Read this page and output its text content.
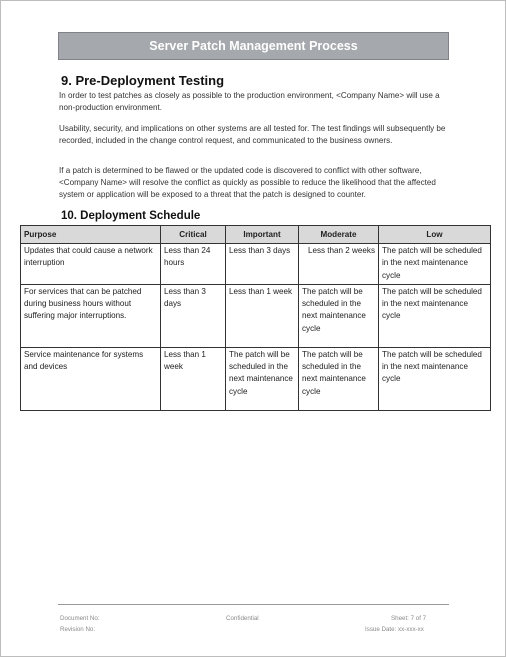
Server Patch Management Process
9. Pre-Deployment Testing

In order to test patches as closely as possible to the production environment, <Company Name> will use a non-production environment.

Usability, security, and implications on other systems are all tested for. The test findings will subsequently be recorded, included in the change control request, and communicated to the business owners.

If a patch is determined to be flawed or the updated code is discovered to conflict with other software, <Company Name> will resolve the conflict as quickly as possible to reduce the likelihood that the affected system or application will be exposed to a threat that the patch is designed to counter.

10. Deployment Schedule
Purpose	Critical	Important	Moderate	Low
Updates that could cause a network interruption	Less than 24 hours	Less than 3 days	Less than 2 weeks	The patch will be scheduled in the next maintenance cycle
For services that can be patched during business hours without suffering major interruptions.	Less than 3 days	Less than 1 week	The patch will be scheduled in the next maintenance cycle	The patch will be scheduled in the next maintenance cycle
Service maintenance for systems and devices	Less than 1 week	The patch will be scheduled in the next maintenance cycle	The patch will be scheduled in the next maintenance cycle	The patch will be scheduled in the next maintenance cycle
Document No:	Confidential	Sheet: 7 of 7
Revision No:	Issue Date: xx-xxx-xx
